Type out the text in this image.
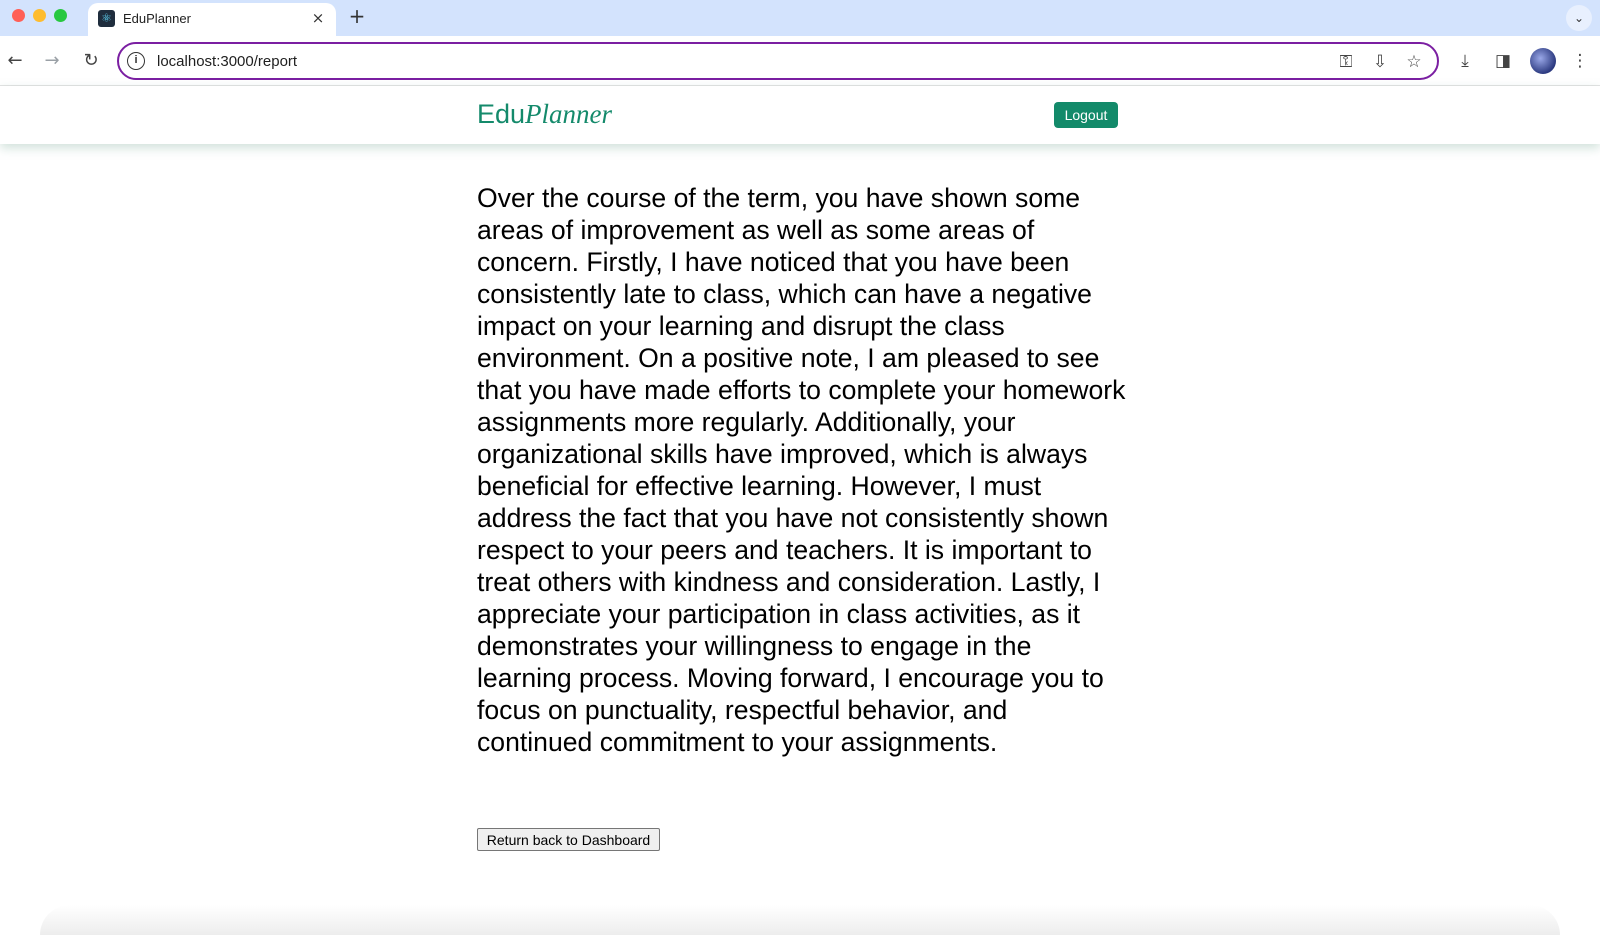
⚛ EduPlanner	× +	⌄
←	→	↻	i	localhost:3000/report	⚿	⇩	☆	⤓	◨	⋮
EduPlanner	Logout

Over the course of the term, you have shown some areas of improvement as well as some areas of concern. Firstly, I have noticed that you have been consistently late to class, which can have a negative impact on your learning and disrupt the class environment. On a positive note, I am pleased to see that you have made efforts to complete your homework assignments more regularly. Additionally, your organizational skills have improved, which is always beneficial for effective learning. However, I must address the fact that you have not consistently shown respect to your peers and teachers. It is important to treat others with kindness and consideration. Lastly, I appreciate your participation in class activities, as it demonstrates your willingness to engage in the learning process. Moving forward, I encourage you to focus on punctuality, respectful behavior, and continued commitment to your assignments.

Return back to Dashboard
